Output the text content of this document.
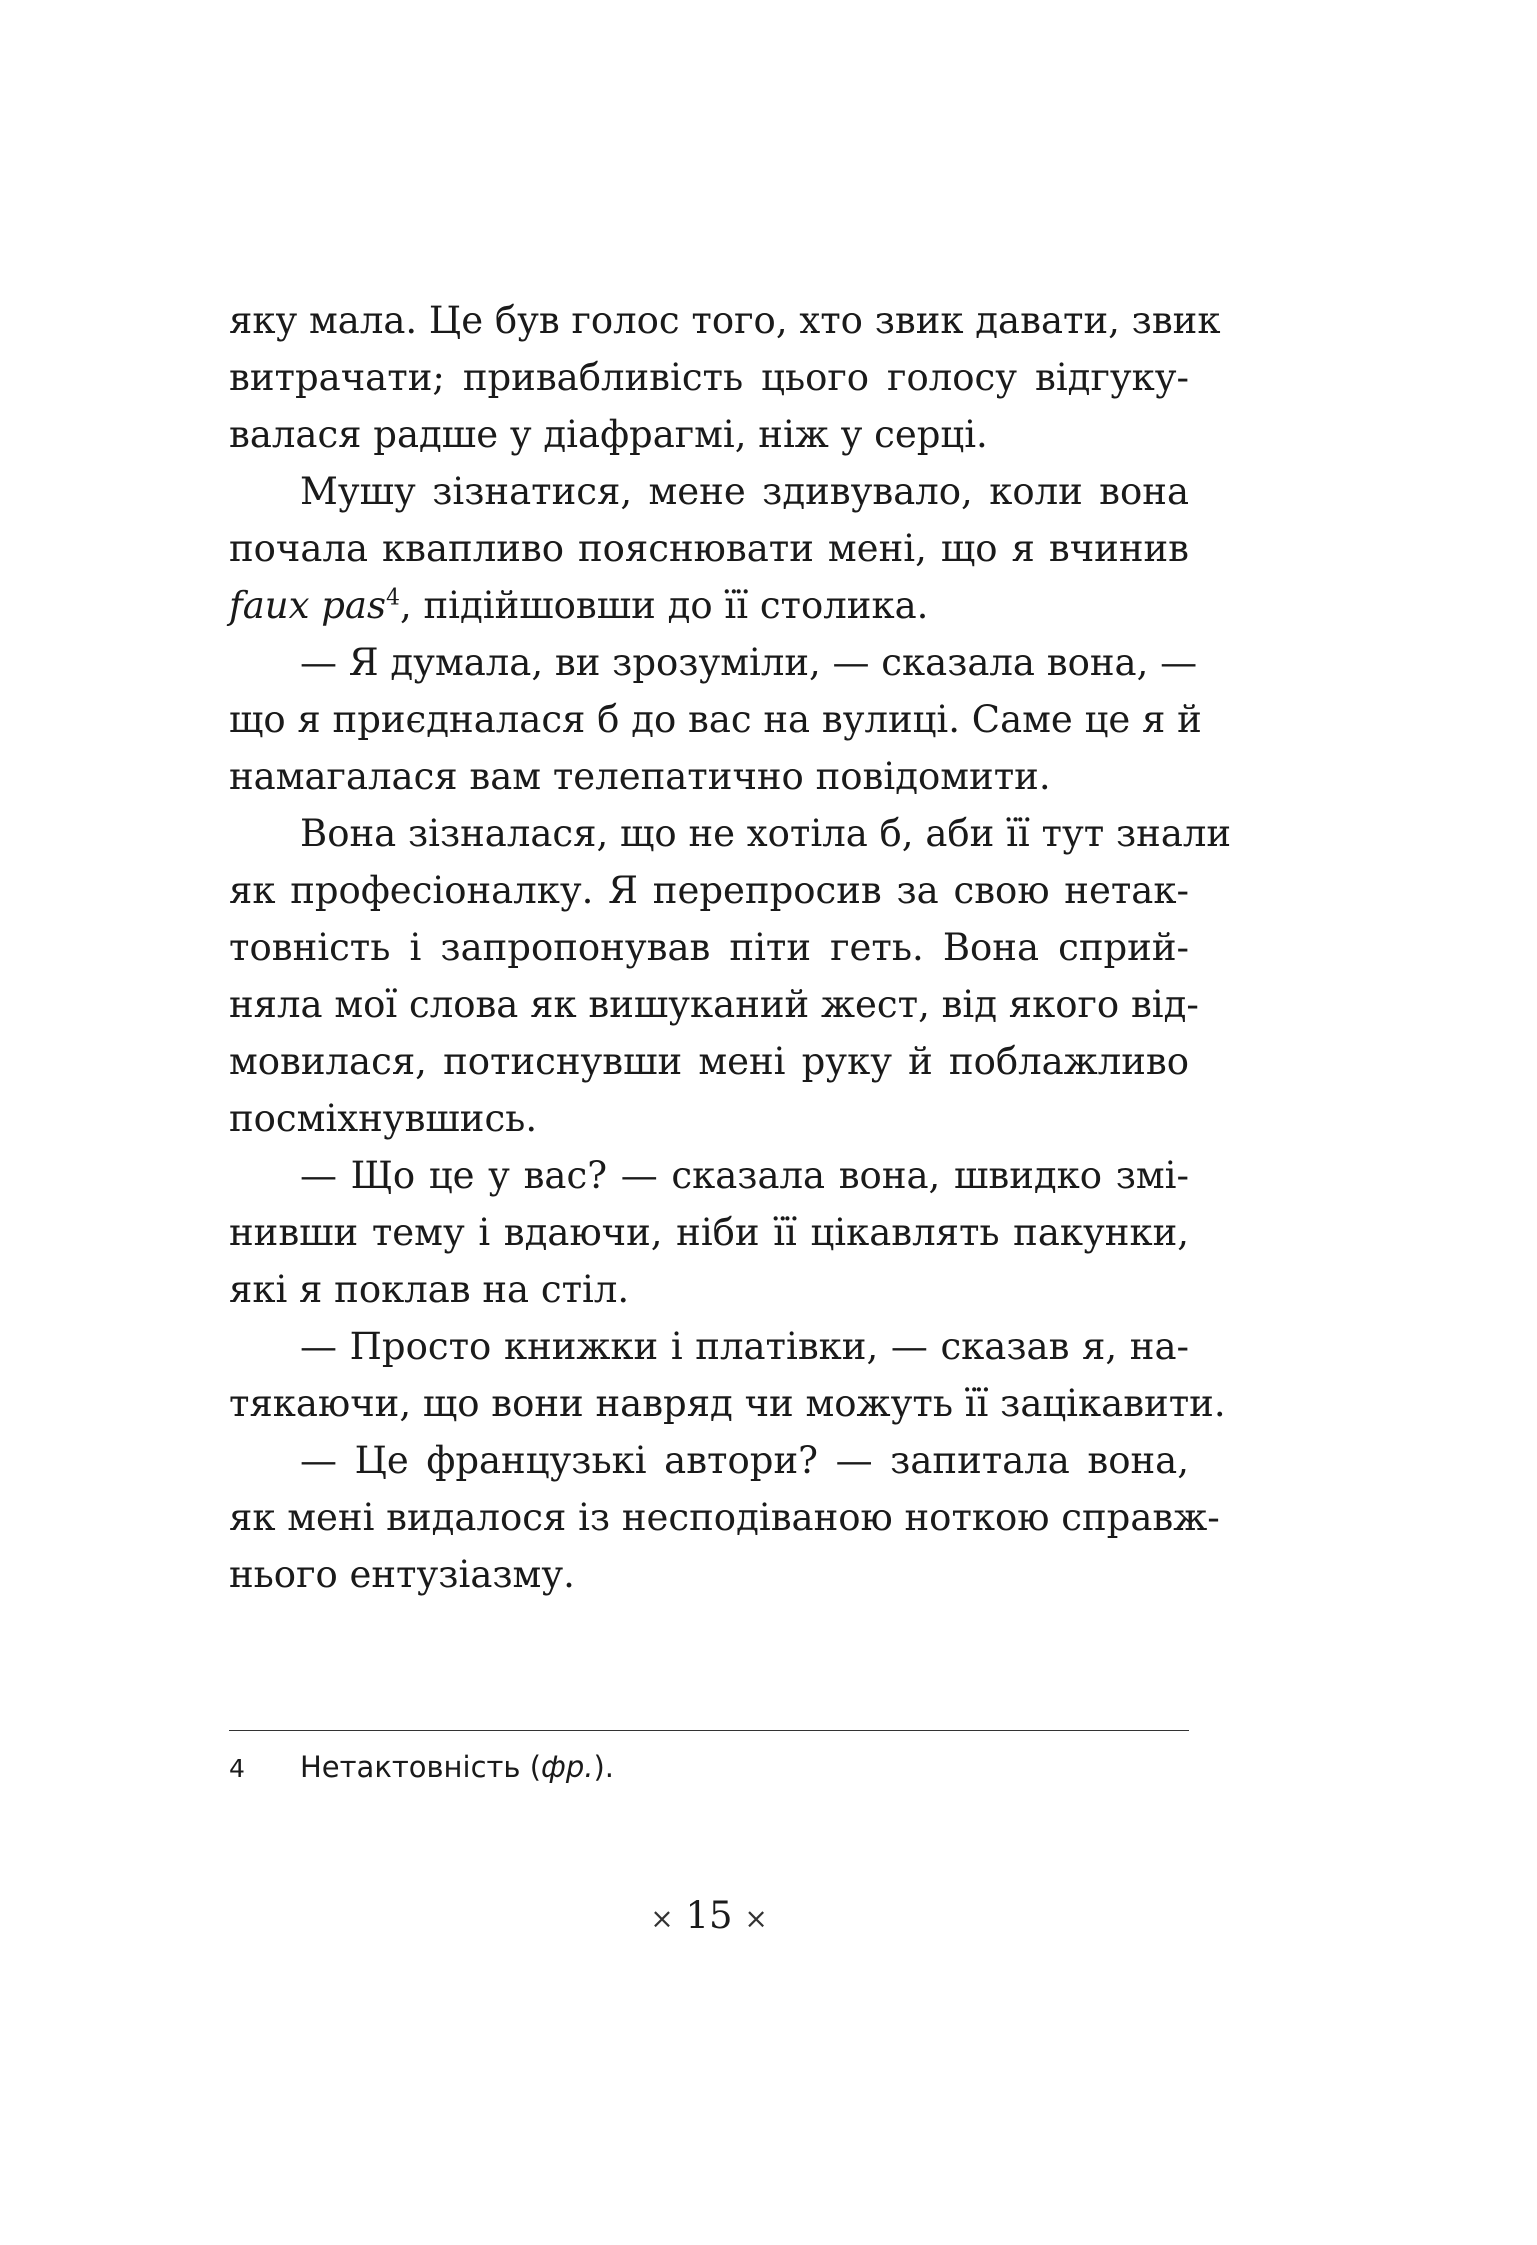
яку мала. Це був голос того, хто звик давати, звик
витрачати; привабливість цього голосу відгуку-
валася радше у діафрагмі, ніж у серці.
Мушу зізнатися, мене здивувало, коли вона
почала квапливо пояснювати мені, що я вчинив
faux pas$^4$, підійшовши до її столика.
— Я думала, ви зрозуміли, — сказала вона, —
що я приєдналася б до вас на вулиці. Саме це я й
намагалася вам телепатично повідомити.
Вона зізналася, що не хотіла б, аби її тут знали
як професіоналку. Я перепросив за свою нетак-
товність і запропонував піти геть. Вона сприй-
няла мої слова як вишуканий жест, від якого від-
мовилася, потиснувши мені руку й поблажливо
посміхнувшись.
— Що це у вас? — сказала вона, швидко змі-
нивши тему і вдаючи, ніби її цікавлять пакунки,
які я поклав на стіл.
— Просто книжки і платівки, — сказав я, на-
тякаючи, що вони навряд чи можуть її зацікавити.
— Це французькі автори? — запитала вона,
як мені видалося із несподіваною ноткою справж-
нього ентузіазму.
4 Нетактовність (фр.).
× 15 ×
